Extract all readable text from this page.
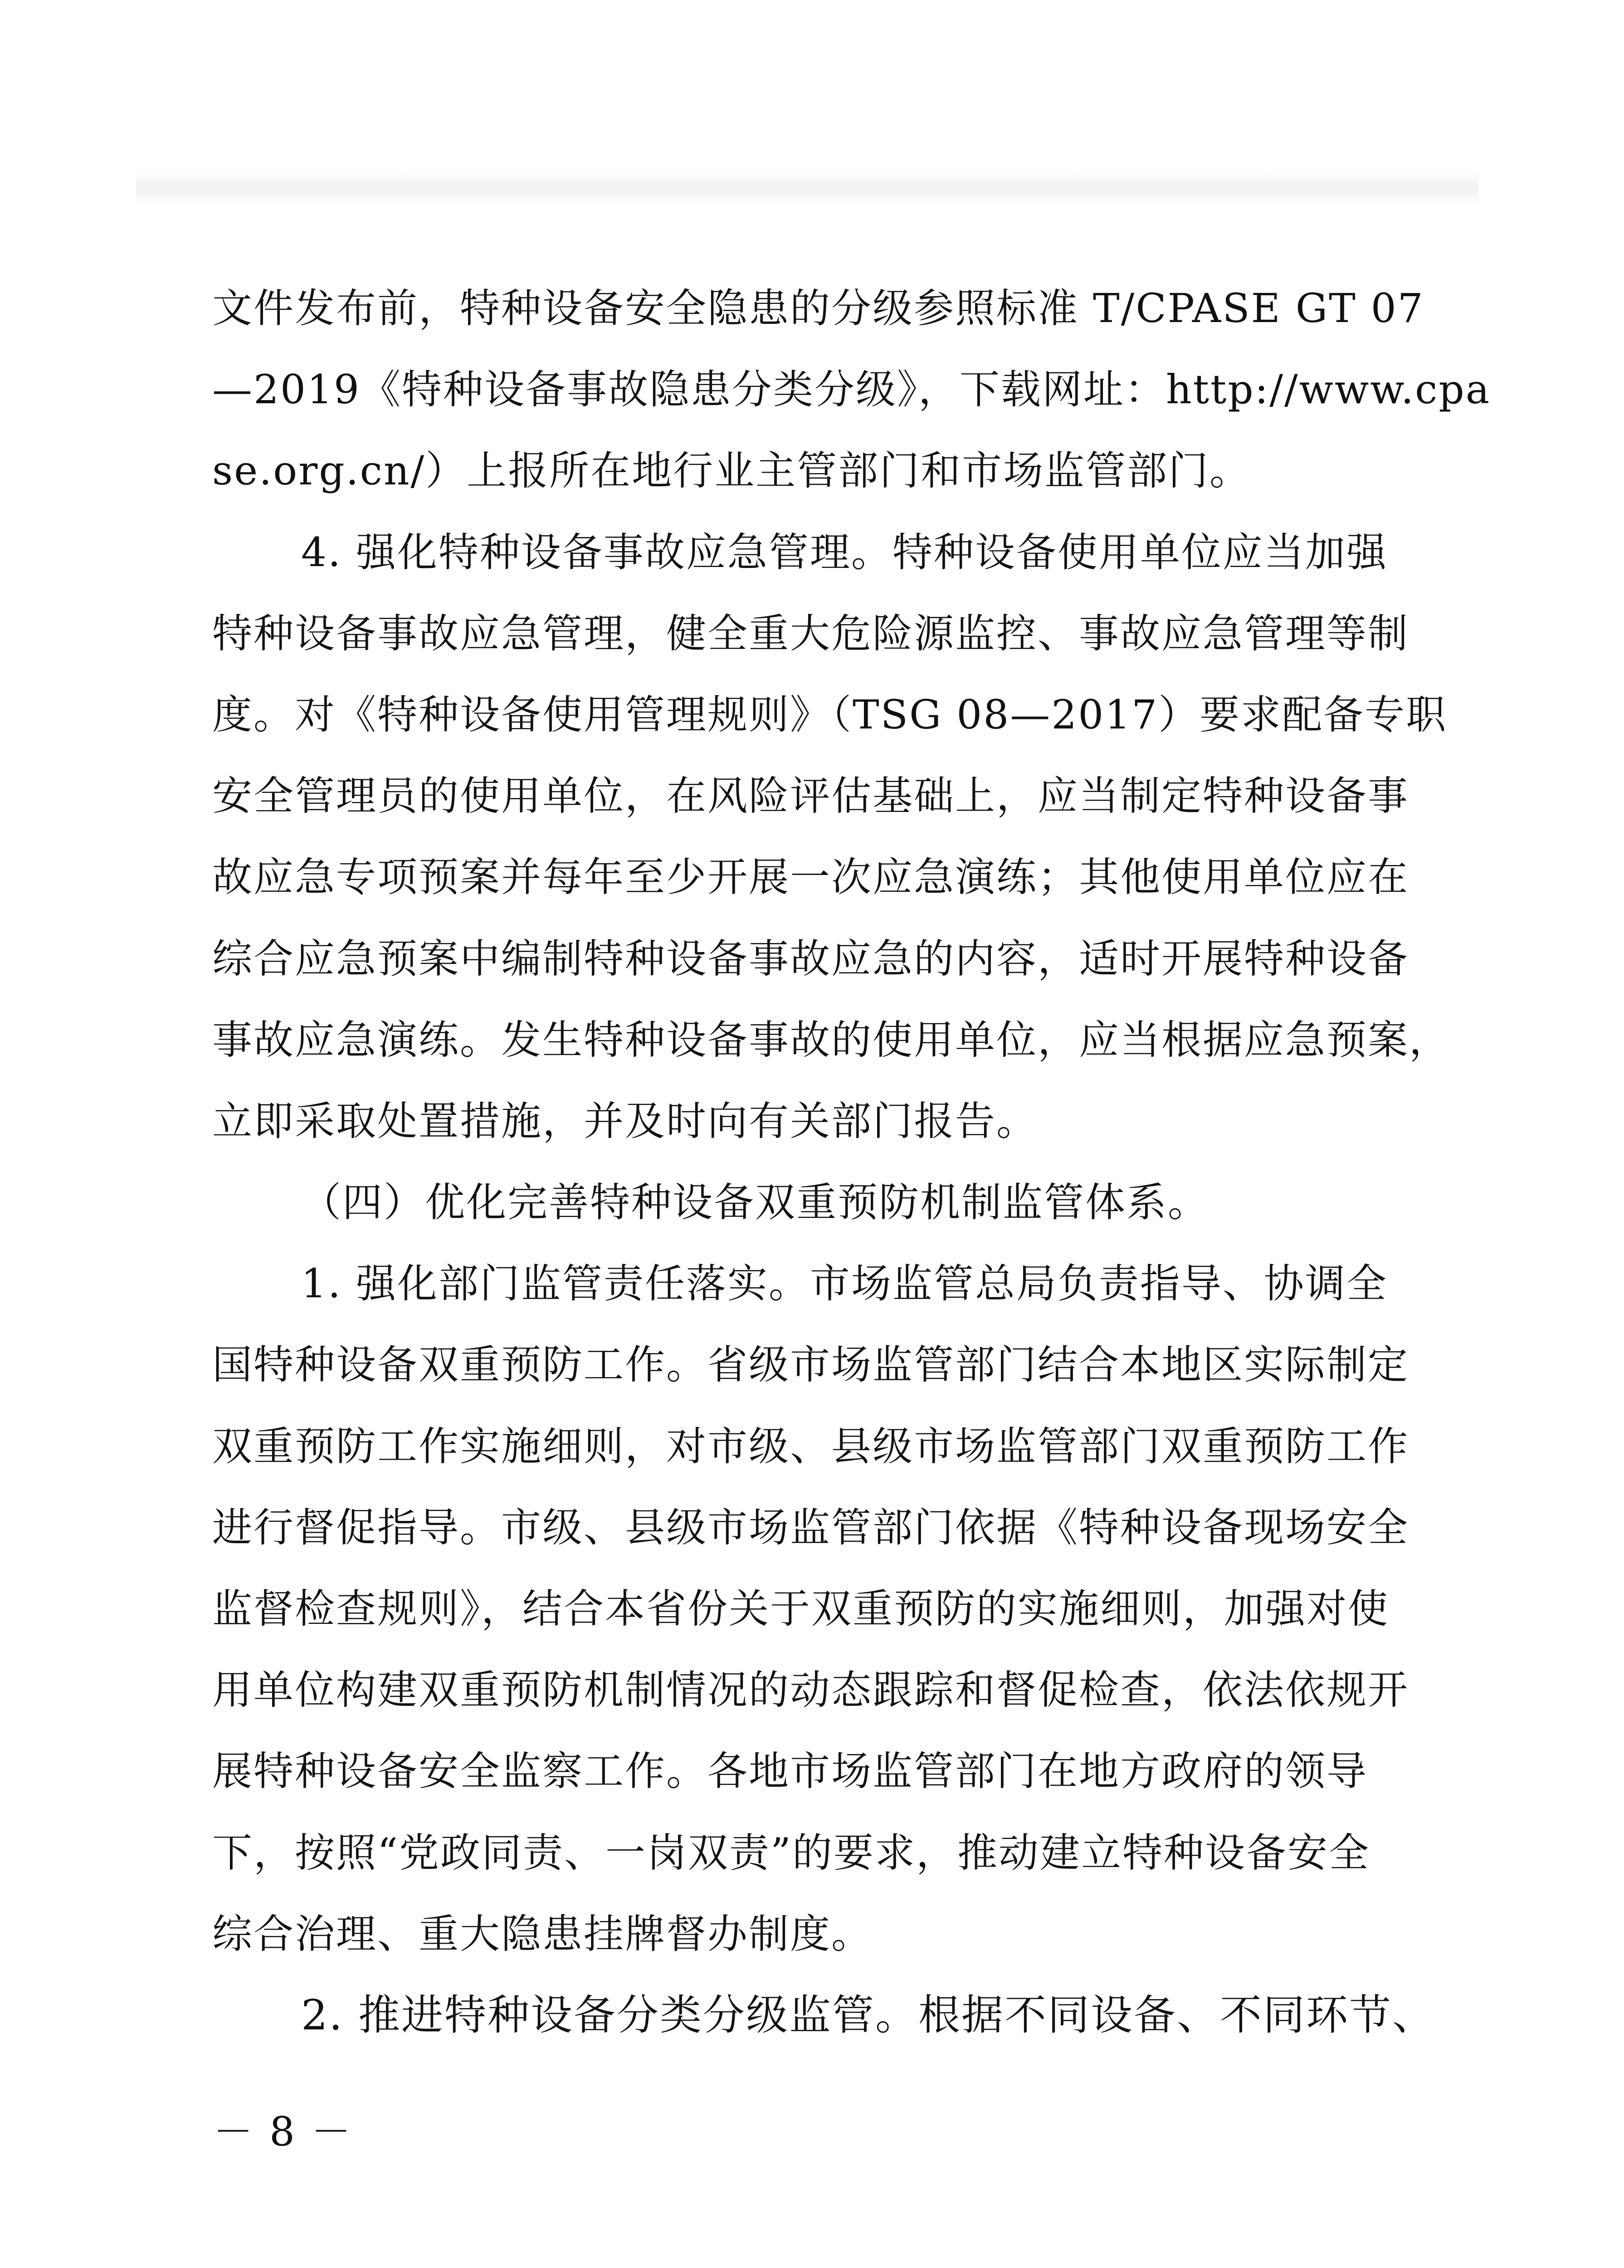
文件发布前，特种设备安全隐患的分级参照标准 T/CPASE GT 07
—2019《特种设备事故隐患分类分级》，下载网址：http://www.cpa
se.org.cn/）上报所在地行业主管部门和市场监管部门。
4. 强化特种设备事故应急管理。特种设备使用单位应当加强
特种设备事故应急管理，健全重大危险源监控、事故应急管理等制
度。对《特种设备使用管理规则》（TSG 08—2017）要求配备专职
安全管理员的使用单位，在风险评估基础上，应当制定特种设备事
故应急专项预案并每年至少开展一次应急演练；其他使用单位应在
综合应急预案中编制特种设备事故应急的内容，适时开展特种设备
事故应急演练。发生特种设备事故的使用单位，应当根据应急预案，
立即采取处置措施，并及时向有关部门报告。
（四）优化完善特种设备双重预防机制监管体系。
1. 强化部门监管责任落实。市场监管总局负责指导、协调全
国特种设备双重预防工作。省级市场监管部门结合本地区实际制定
双重预防工作实施细则，对市级、县级市场监管部门双重预防工作
进行督促指导。市级、县级市场监管部门依据《特种设备现场安全
监督检查规则》，结合本省份关于双重预防的实施细则，加强对使
用单位构建双重预防机制情况的动态跟踪和督促检查，依法依规开
展特种设备安全监察工作。各地市场监管部门在地方政府的领导
下，按照“党政同责、一岗双责”的要求，推动建立特种设备安全
综合治理、重大隐患挂牌督办制度。
2. 推进特种设备分类分级监管。根据不同设备、不同环节、
－ 8 －
